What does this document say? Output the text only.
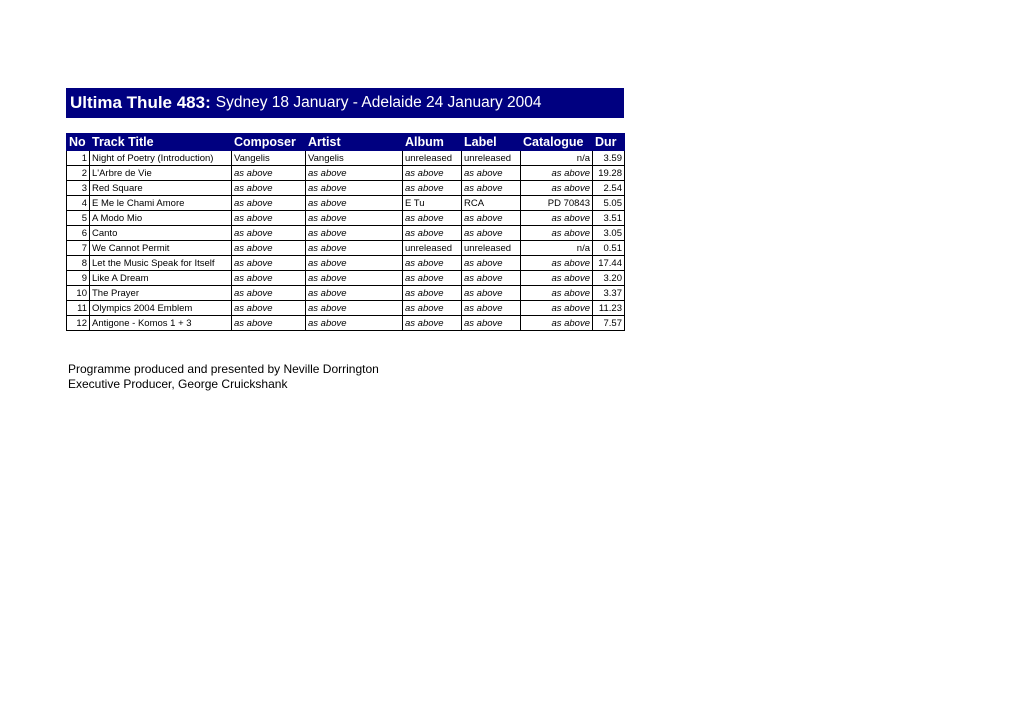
Ultima Thule 483: Sydney 18 January - Adelaide 24 January 2004
No	Track Title	Composer	Artist	Album	Label	Catalogue	Dur
1	Night of Poetry (Introduction)	Vangelis	Vangelis	unreleased	unreleased	n/a	3.59
2	L'Arbre de Vie	as above	as above	as above	as above	as above	19.28
3	Red Square	as above	as above	as above	as above	as above	2.54
4	E Me le Chami Amore	as above	as above	E Tu	RCA	PD 70843	5.05
5	A Modo Mio	as above	as above	as above	as above	as above	3.51
6	Canto	as above	as above	as above	as above	as above	3.05
7	We Cannot Permit	as above	as above	unreleased	unreleased	n/a	0.51
8	Let the Music Speak for Itself	as above	as above	as above	as above	as above	17.44
9	Like A Dream	as above	as above	as above	as above	as above	3.20
10	The Prayer	as above	as above	as above	as above	as above	3.37
11	Olympics 2004 Emblem	as above	as above	as above	as above	as above	11.23
12	Antigone - Komos 1 + 3	as above	as above	as above	as above	as above	7.57
Programme produced and presented by Neville Dorrington
Executive Producer, George Cruickshank
